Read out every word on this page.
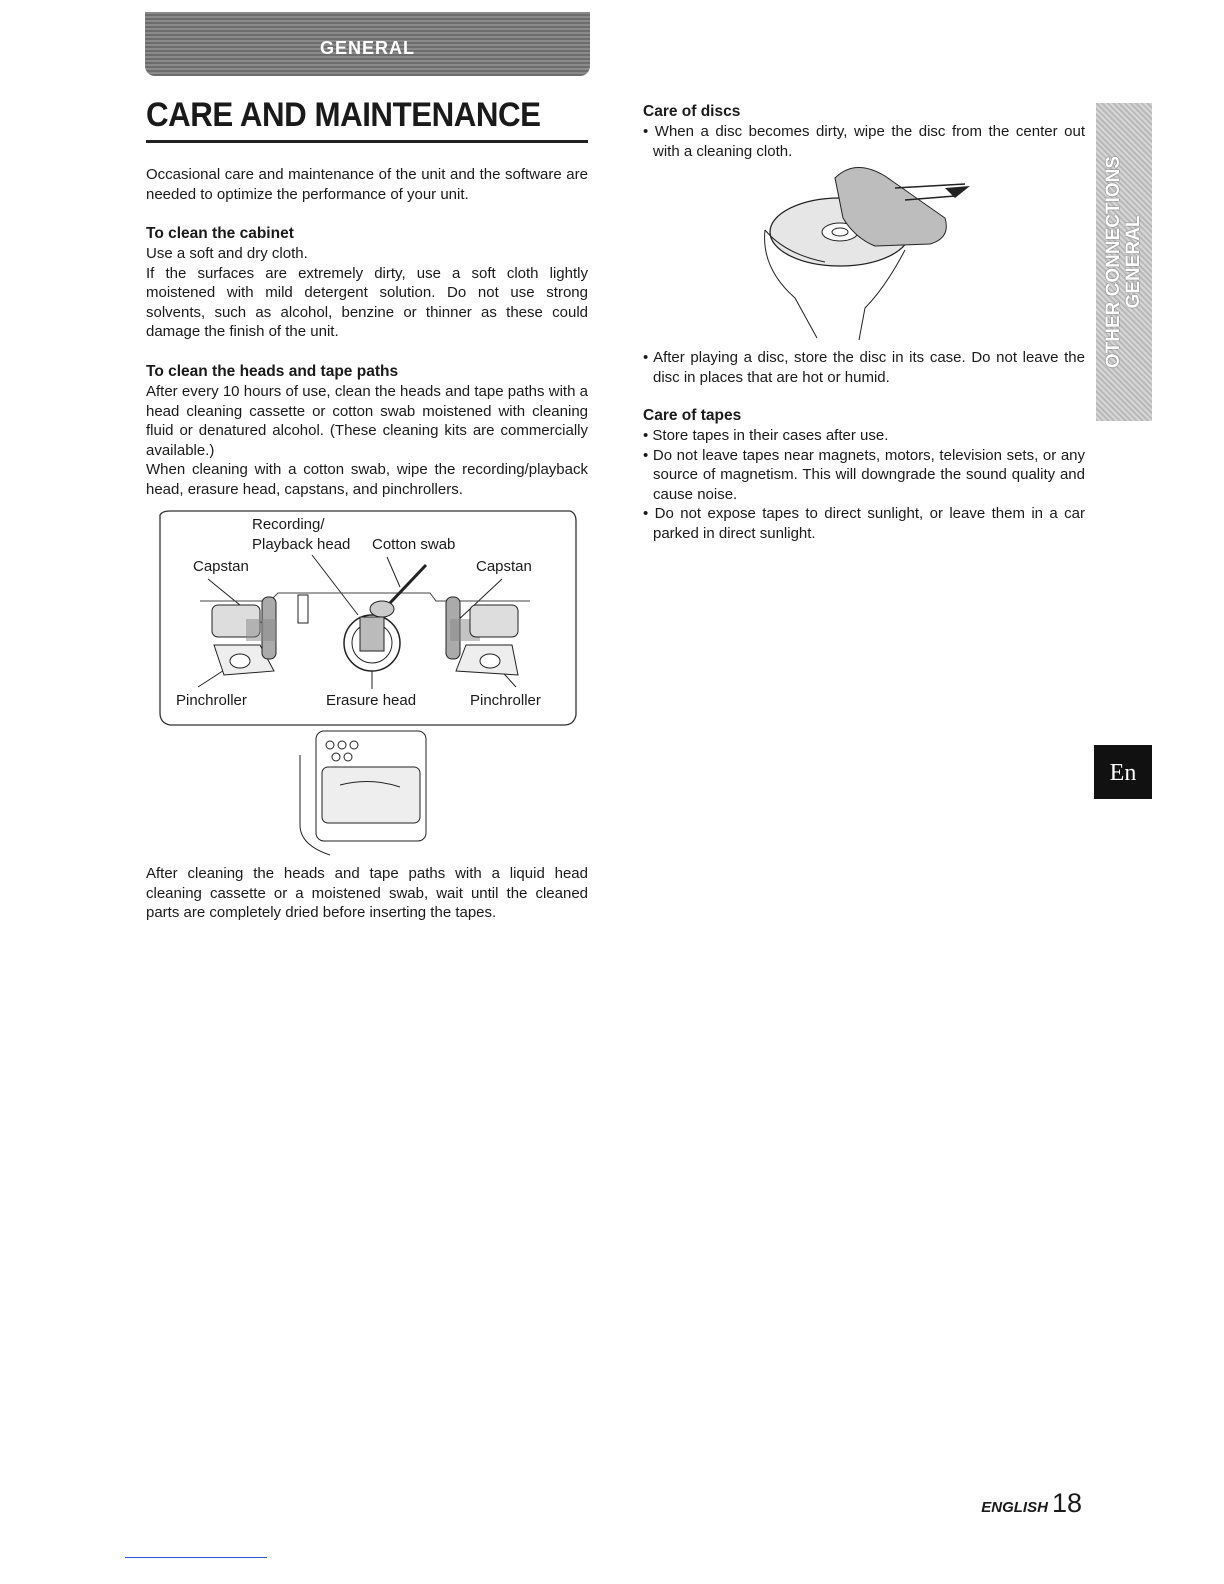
GENERAL
CARE AND MAINTENANCE

Occasional care and maintenance of the unit and the software are needed to optimize the performance of your unit.

To clean the cabinet

Use a soft and dry cloth.

If the surfaces are extremely dirty, use a soft cloth lightly moistened with mild detergent solution. Do not use strong solvents, such as alcohol, benzine or thinner as these could damage the finish of the unit.

To clean the heads and tape paths

After every 10 hours of use, clean the heads and tape paths with a head cleaning cassette or cotton swab moistened with cleaning fluid or denatured alcohol. (These cleaning kits are commercially available.)

When cleaning with a cotton swab, wipe the recording/playback head, erasure head, capstans, and pinchrollers.

Recording/
Playback head Cotton swab
Capstan	Capstan
Pinchroller	Erasure head	Pinchroller

After cleaning the heads and tape paths with a liquid head cleaning cassette or a moistened swab, wait until the cleaned parts are completely dried before inserting the tapes.

Care of discs

• When a disc becomes dirty, wipe the disc from the center out with a cleaning cloth.

• After playing a disc, store the disc in its case. Do not leave the disc in places that are hot or humid.

Care of tapes

• Store tapes in their cases after use.

• Do not leave tapes near magnets, motors, television sets, or any source of magnetism. This will downgrade the sound quality and cause noise.

• Do not expose tapes to direct sunlight, or leave them in a car parked in direct sunlight.

OTHER CONNECTIONS GENERAL
En
ENGLISH 18
